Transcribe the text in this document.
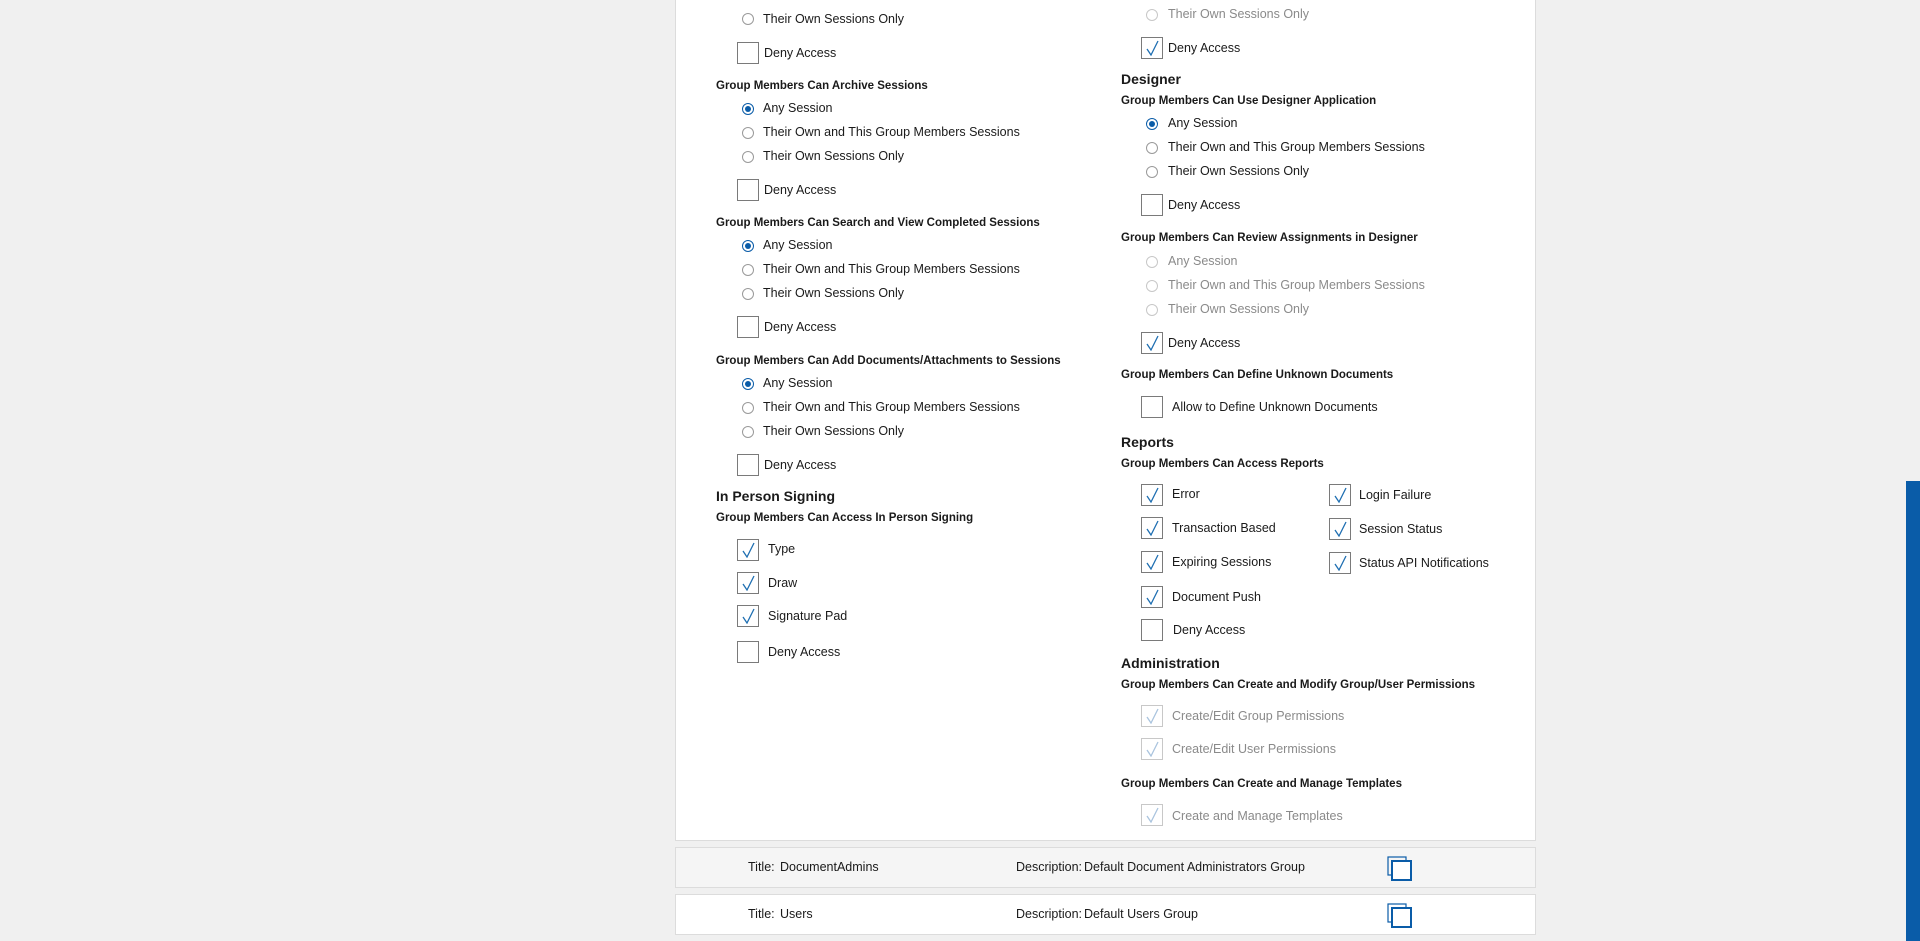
Their Own Sessions Only
Deny Access
Group Members Can Archive Sessions
Any Session
Their Own and This Group Members Sessions
Their Own Sessions Only
Deny Access
Group Members Can Search and View Completed Sessions
Any Session
Their Own and This Group Members Sessions
Their Own Sessions Only
Deny Access
Group Members Can Add Documents/Attachments to Sessions
Any Session
Their Own and This Group Members Sessions
Their Own Sessions Only
Deny Access
In Person Signing
Group Members Can Access In Person Signing
Type
Draw
Signature Pad
Deny Access
Their Own Sessions Only
Deny Access
Designer
Group Members Can Use Designer Application
Any Session
Their Own and This Group Members Sessions
Their Own Sessions Only
Deny Access
Group Members Can Review Assignments in Designer
Any Session
Their Own and This Group Members Sessions
Their Own Sessions Only
Deny Access
Group Members Can Define Unknown Documents
Allow to Define Unknown Documents
Reports
Group Members Can Access Reports
Error
Transaction Based
Expiring Sessions
Document Push
Deny Access
Login Failure
Session Status
Status API Notifications
Administration
Group Members Can Create and Modify Group/User Permissions
Create/Edit Group Permissions
Create/Edit User Permissions
Group Members Can Create and Manage Templates
Create and Manage Templates
Title: DocumentAdmins	Description: Default Document Administrators Group
Title: Users	Description: Default Users Group
